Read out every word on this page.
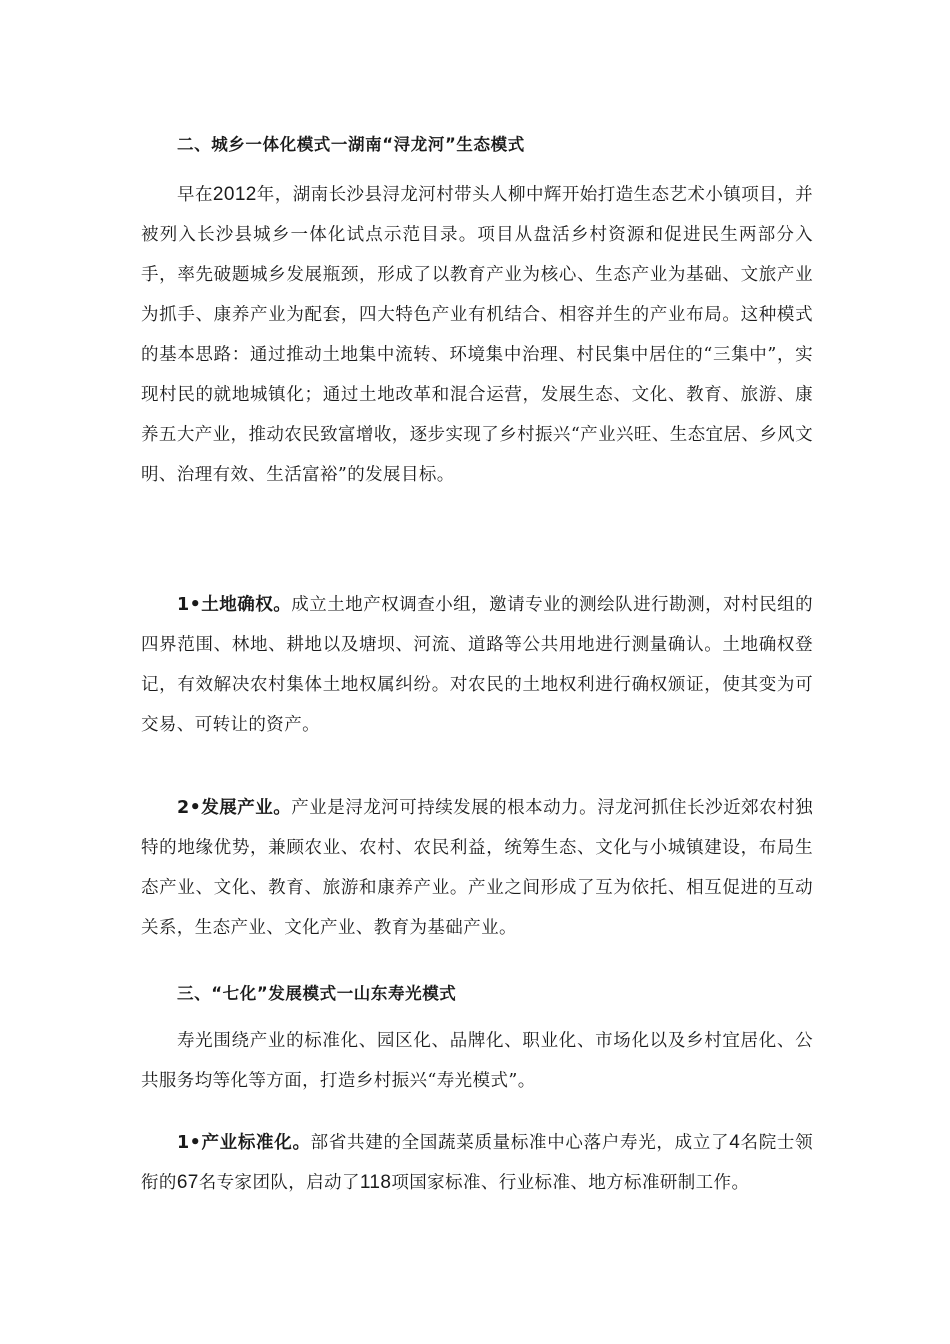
二、城乡一体化模式一湖南“浔龙河”生态模式

早在2012年，湖南长沙县浔龙河村带头人柳中辉开始打造生态艺术小镇项目，并被列入长沙县城乡一体化试点示范目录。项目从盘活乡村资源和促进民生两部分入手，率先破题城乡发展瓶颈，形成了以教育产业为核心、生态产业为基础、文旅产业为抓手、康养产业为配套，四大特色产业有机结合、相容并生的产业布局。这种模式的基本思路：通过推动土地集中流转、环境集中治理、村民集中居住的“三集中”，实现村民的就地城镇化；通过土地改革和混合运营，发展生态、文化、教育、旅游、康养五大产业，推动农民致富增收，逐步实现了乡村振兴“产业兴旺、生态宜居、乡风文明、治理有效、生活富裕”的发展目标。

1•土地确权。成立土地产权调查小组，邀请专业的测绘队进行勘测，对村民组的四界范围、林地、耕地以及塘坝、河流、道路等公共用地进行测量确认。土地确权登记，有效解决农村集体土地权属纠纷。对农民的土地权利进行确权颁证，使其变为可交易、可转让的资产。

2•发展产业。产业是浔龙河可持续发展的根本动力。浔龙河抓住长沙近郊农村独特的地缘优势，兼顾农业、农村、农民利益，统筹生态、文化与小城镇建设，布局生态产业、文化、教育、旅游和康养产业。产业之间形成了互为依托、相互促进的互动关系，生态产业、文化产业、教育为基础产业。

三、“七化”发展模式一山东寿光模式

寿光围绕产业的标准化、园区化、品牌化、职业化、市场化以及乡村宜居化、公共服务均等化等方面，打造乡村振兴“寿光模式”。

1•产业标准化。部省共建的全国蔬菜质量标准中心落户寿光，成立了4名院士领衔的67名专家团队，启动了118项国家标准、行业标准、地方标准研制工作。
